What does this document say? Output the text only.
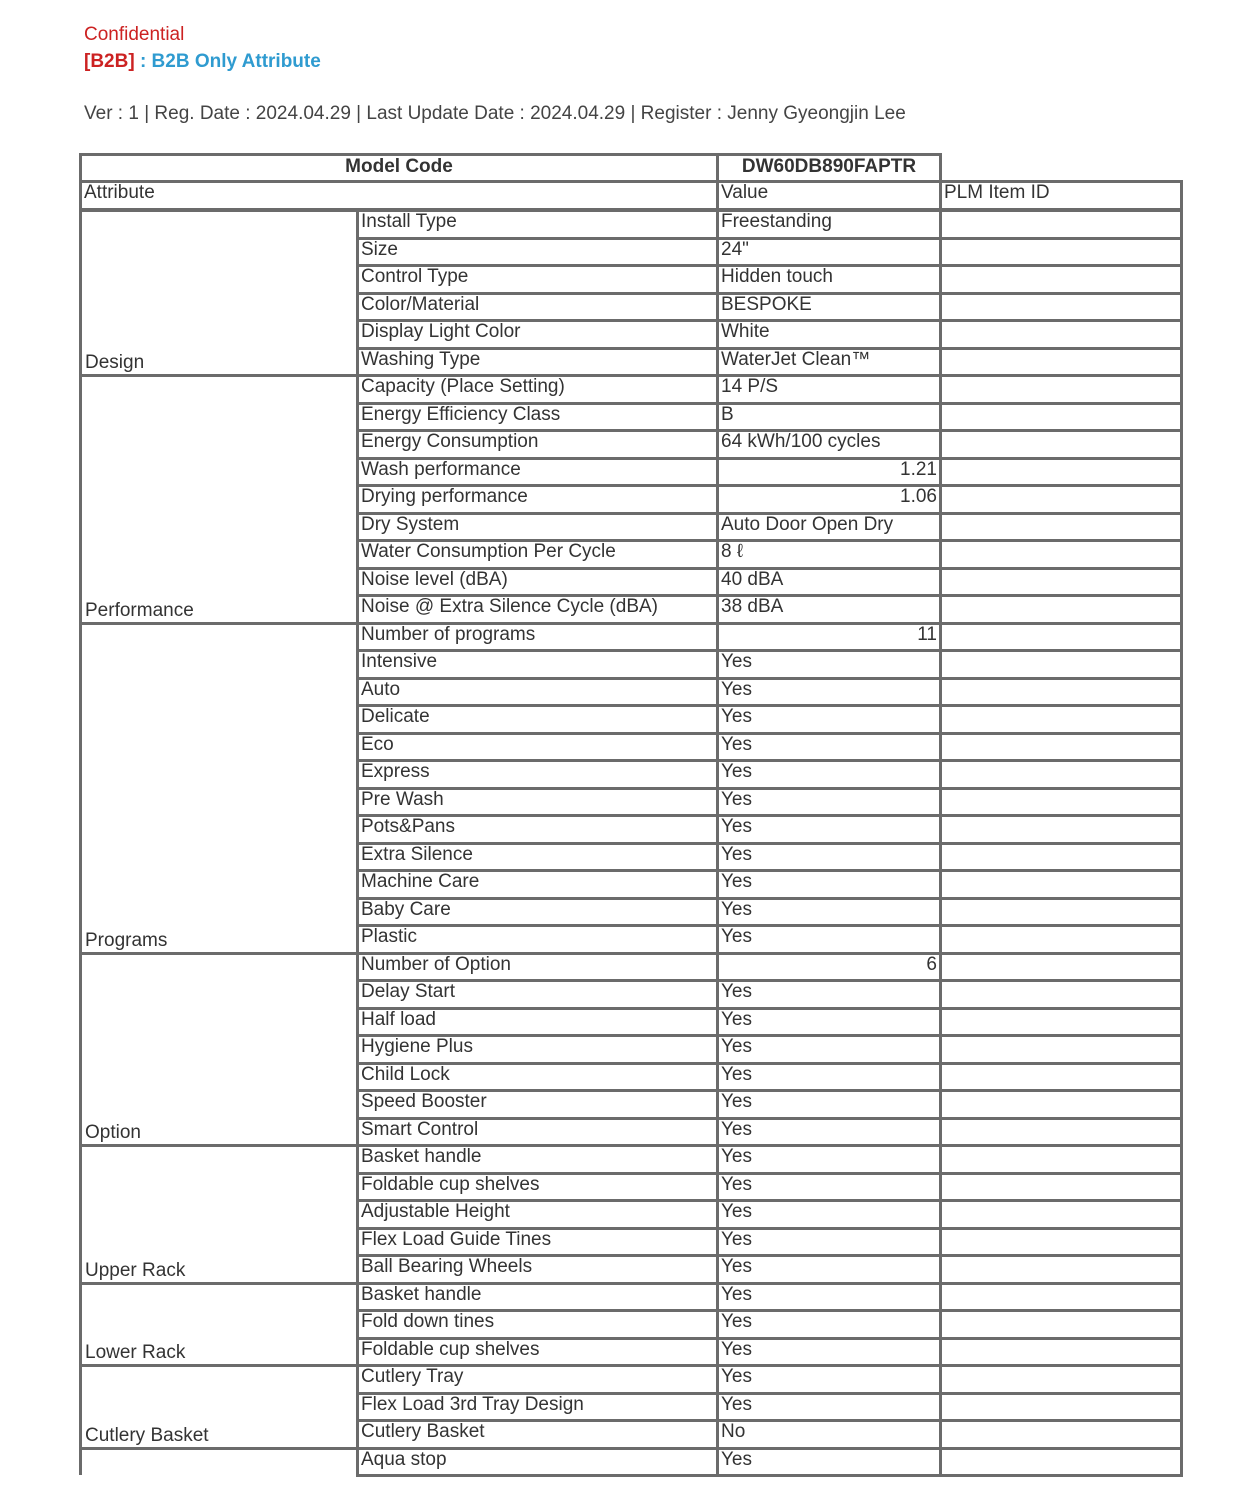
Confidential
[B2B] : B2B Only Attribute
Ver : 1 | Reg. Date : 2024.04.29 | Last Update Date : 2024.04.29 | Register : Jenny Gyeongjin Lee
Model Code	DW60DB890FAPTR
Attribute	Value	PLM Item ID
Design
Install Type	Freestanding
Size	24"
Control Type	Hidden touch
Color/Material	BESPOKE
Display Light Color	White
Washing Type	WaterJet Clean™
Performance
Capacity (Place Setting)	14 P/S
Energy Efficiency Class	B
Energy Consumption	64 kWh/100 cycles
Wash performance	1.21
Drying performance	1.06
Dry System	Auto Door Open Dry
Water Consumption Per Cycle	8 ℓ
Noise level (dBA)	40 dBA
Noise @ Extra Silence Cycle (dBA)	38 dBA
Programs
Number of programs	11
Intensive	Yes
Auto	Yes
Delicate	Yes
Eco	Yes
Express	Yes
Pre Wash	Yes
Pots&Pans	Yes
Extra Silence	Yes
Machine Care	Yes
Baby Care	Yes
Plastic	Yes
Option
Number of Option	6
Delay Start	Yes
Half load	Yes
Hygiene Plus	Yes
Child Lock	Yes
Speed Booster	Yes
Smart Control	Yes
Upper Rack
Basket handle	Yes
Foldable cup shelves	Yes
Adjustable Height	Yes
Flex Load Guide Tines	Yes
Ball Bearing Wheels	Yes
Lower Rack
Basket handle	Yes
Fold down tines	Yes
Foldable cup shelves	Yes
Cutlery Basket
Cutlery Tray	Yes
Flex Load 3rd Tray Design	Yes
Cutlery Basket	No
Aqua stop	Yes
